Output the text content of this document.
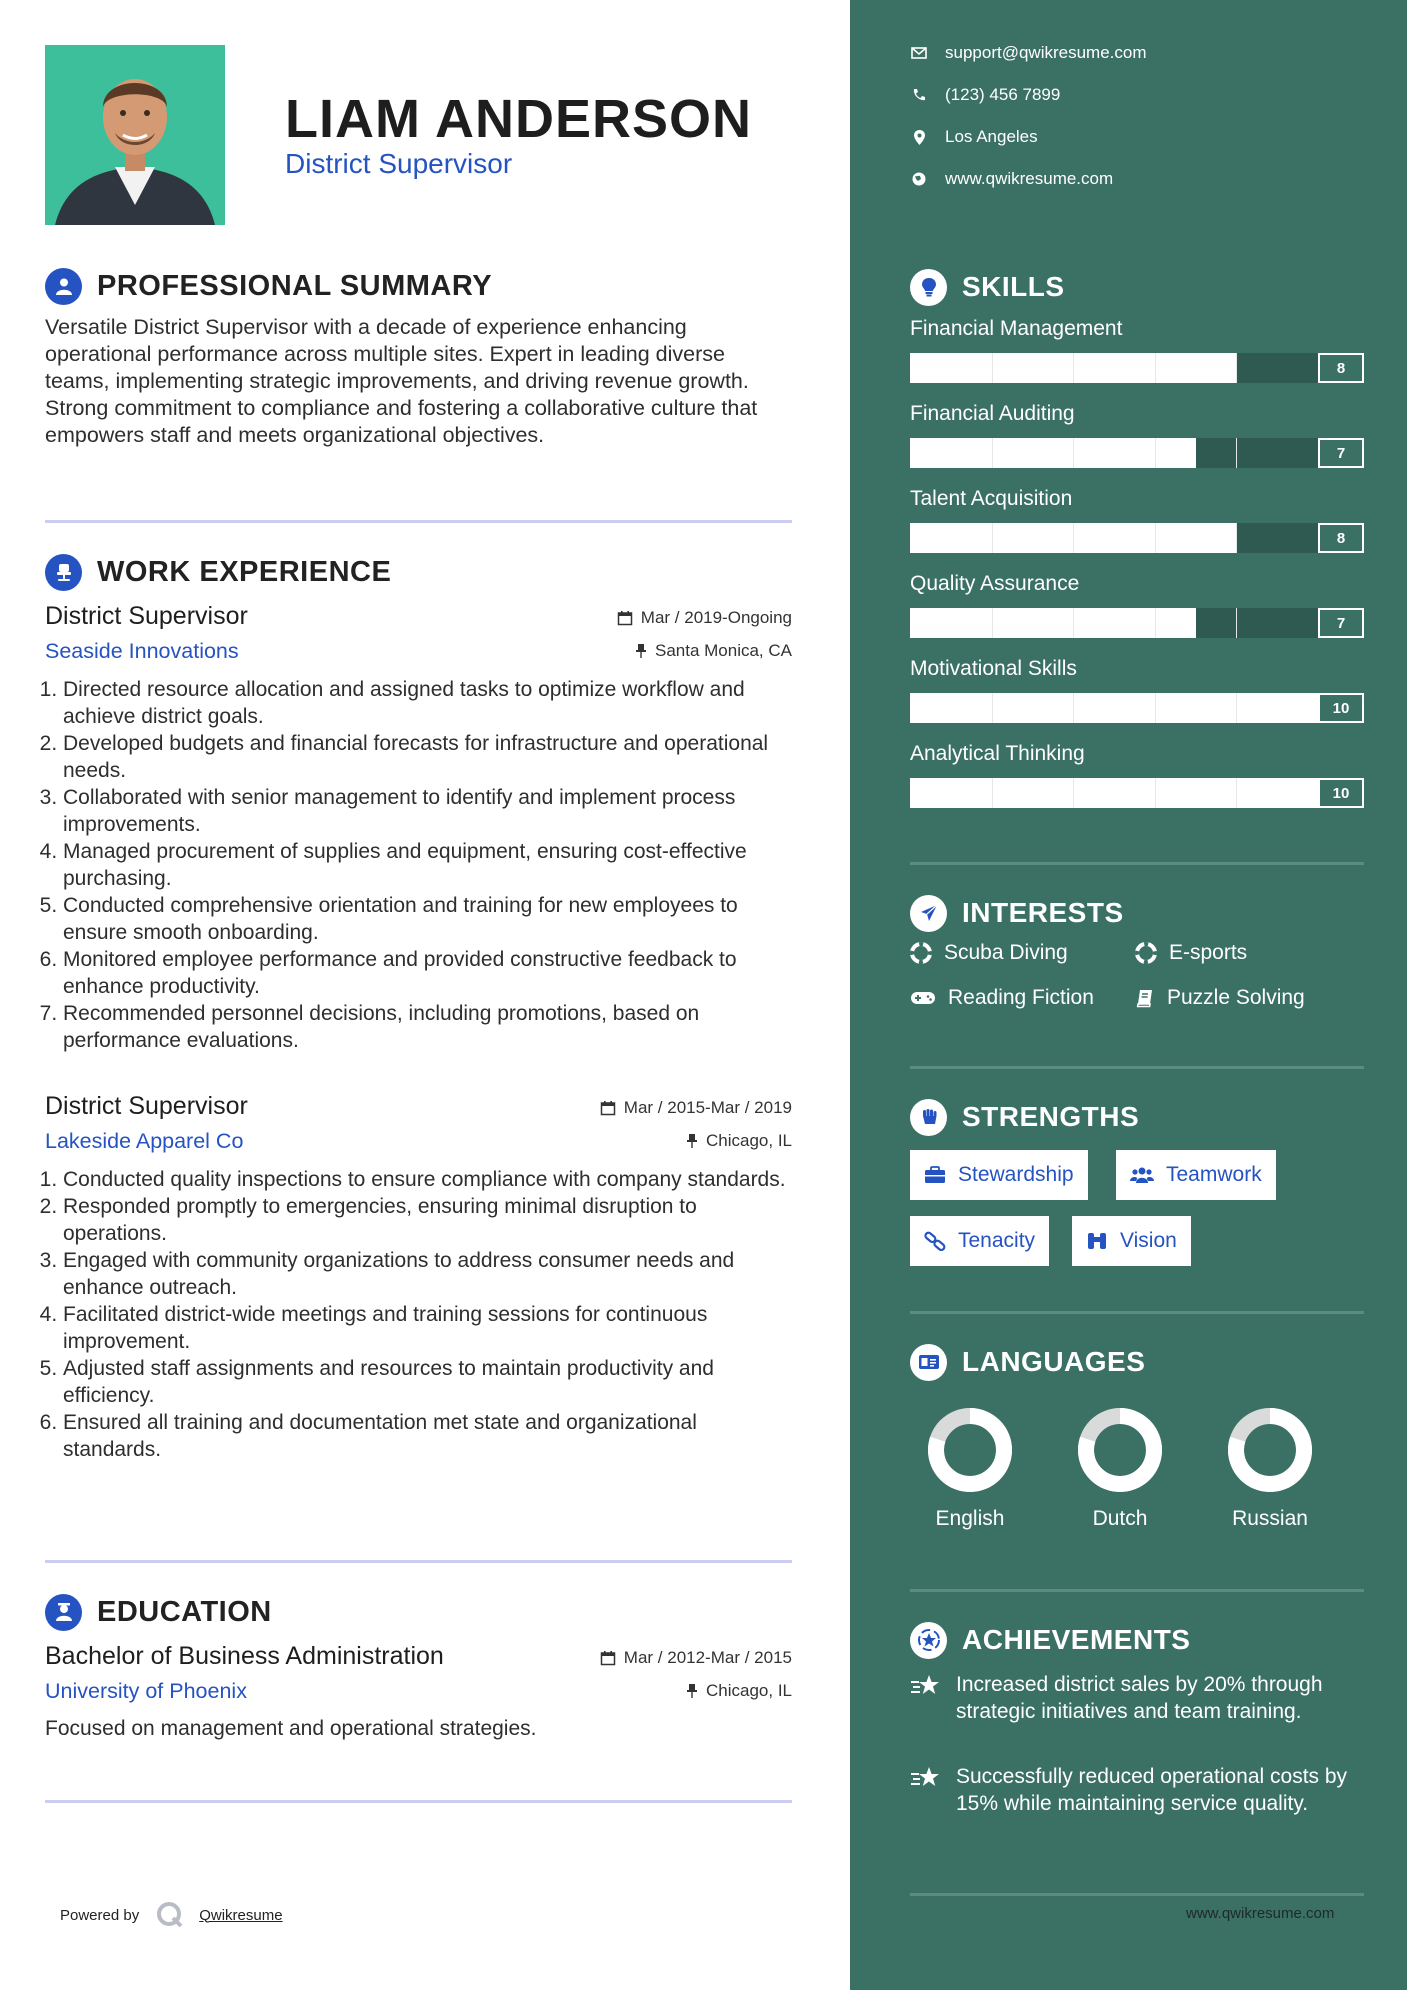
LIAM ANDERSON
District Supervisor
PROFESSIONAL SUMMARY
Versatile District Supervisor with a decade of experience enhancing operational performance across multiple sites. Expert in leading diverse teams, implementing strategic improvements, and driving revenue growth. Strong commitment to compliance and fostering a collaborative culture that empowers staff and meets organizational objectives.
WORK EXPERIENCE
District Supervisor
Seaside Innovations
Mar / 2019-Ongoing
Santa Monica, CA
1. Directed resource allocation and assigned tasks to optimize workflow and achieve district goals.
2. Developed budgets and financial forecasts for infrastructure and operational needs.
3. Collaborated with senior management to identify and implement process improvements.
4. Managed procurement of supplies and equipment, ensuring cost-effective purchasing.
5. Conducted comprehensive orientation and training for new employees to ensure smooth onboarding.
6. Monitored employee performance and provided constructive feedback to enhance productivity.
7. Recommended personnel decisions, including promotions, based on performance evaluations.
District Supervisor
Lakeside Apparel Co
Mar / 2015-Mar / 2019
Chicago, IL
1. Conducted quality inspections to ensure compliance with company standards.
2. Responded promptly to emergencies, ensuring minimal disruption to operations.
3. Engaged with community organizations to address consumer needs and enhance outreach.
4. Facilitated district-wide meetings and training sessions for continuous improvement.
5. Adjusted staff assignments and resources to maintain productivity and efficiency.
6. Ensured all training and documentation met state and organizational standards.
EDUCATION
Bachelor of Business Administration
University of Phoenix
Mar / 2012-Mar / 2015
Chicago, IL
Focused on management and operational strategies.
Powered by	Qwikresume
support@qwikresume.com
(123) 456 7899
Los Angeles
www.qwikresume.com
SKILLS
Financial Management
8
Financial Auditing
7
Talent Acquisition
8
Quality Assurance
7
Motivational Skills
10
Analytical Thinking
10
INTERESTS
Scuba Diving	E-sports
Reading Fiction	Puzzle Solving
STRENGTHS
Stewardship	Teamwork
Tenacity	Vision
LANGUAGES
English	Dutch	Russian
ACHIEVEMENTS
Increased district sales by 20% through strategic initiatives and team training.
Successfully reduced operational costs by 15% while maintaining service quality.
www.qwikresume.com
